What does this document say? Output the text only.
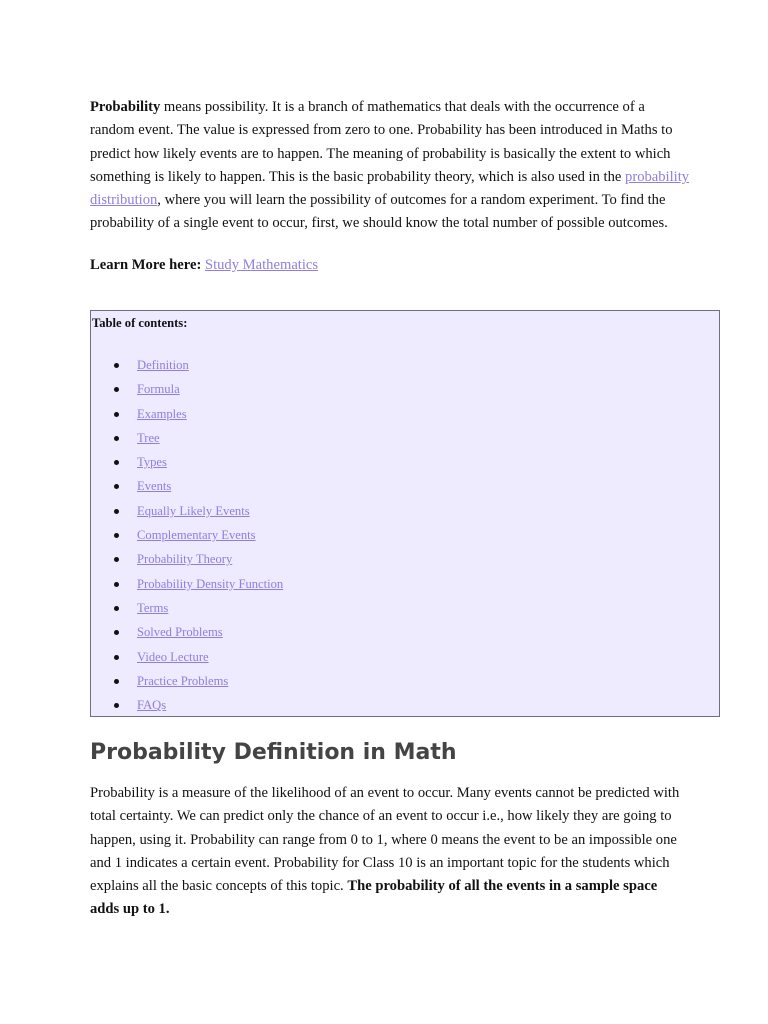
Probability means possibility. It is a branch of mathematics that deals with the occurrence of a random event. The value is expressed from zero to one. Probability has been introduced in Maths to predict how likely events are to happen. The meaning of probability is basically the extent to which something is likely to happen. This is the basic probability theory, which is also used in the probability distribution, where you will learn the possibility of outcomes for a random experiment. To find the probability of a single event to occur, first, we should know the total number of possible outcomes.

Learn More here: Study Mathematics
Table of contents:
Definition
Formula
Examples
Tree
Types
Events
Equally Likely Events
Complementary Events
Probability Theory
Probability Density Function
Terms
Solved Problems
Video Lecture
Practice Problems
FAQs
Probability Definition in Math

Probability is a measure of the likelihood of an event to occur. Many events cannot be predicted with total certainty. We can predict only the chance of an event to occur i.e., how likely they are going to happen, using it. Probability can range from 0 to 1, where 0 means the event to be an impossible one and 1 indicates a certain event. Probability for Class 10 is an important topic for the students which explains all the basic concepts of this topic. The probability of all the events in a sample space adds up to 1.
